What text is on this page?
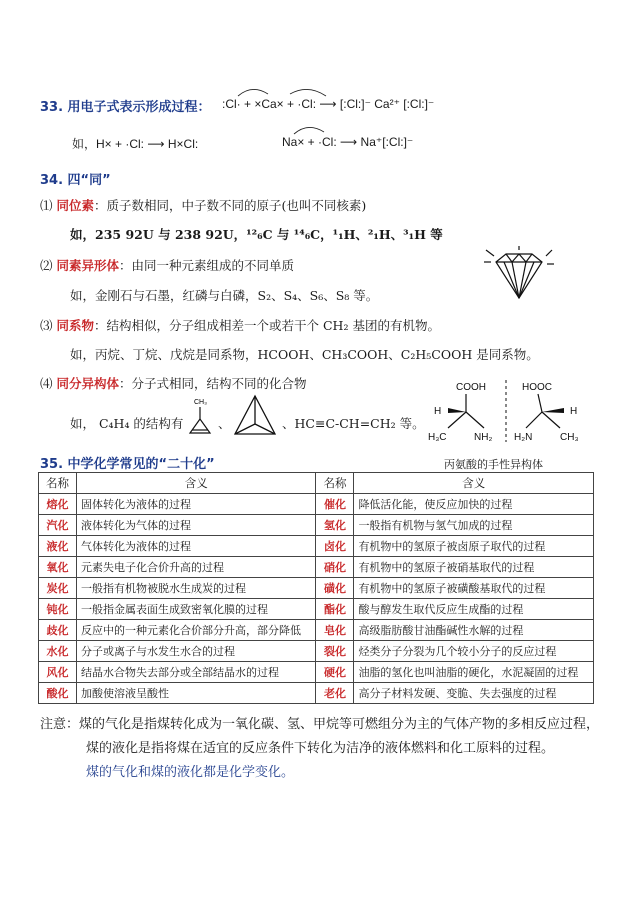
33. 用电子式表示形成过程： :Cl· + ×Ca× + ·Cl: ⟶ [:Cl:]⁻ Ca²⁺ [:Cl:]⁻
如，H× + ·Cl: ⟶ H×Cl:	Na× + ·Cl: ⟶ Na⁺[:Cl:]⁻
34. 四“同”
⑴ 同位素：质子数相同，中子数不同的原子(也叫不同核素)
如，235 92U 与 238 92U，¹²₆C 与 ¹⁴₆C，¹₁H、²₁H、³₁H 等
⑵ 同素异形体：由同一种元素组成的不同单质
如，金刚石与石墨，红磷与白磷，S₂、S₄、S₆、S₈ 等。
⑶ 同系物：结构相似，分子组成相差一个或若干个 CH₂ 基团的有机物。
如，丙烷、丁烷、戊烷是同系物，HCOOH、CH₃COOH、C₂H₅COOH 是同系物。
⑷ 同分异构体：分子式相同，结构不同的化合物
如， C₄H₄ 的结构有
CH₃
、	、HC≡C-CH=CH₂ 等。
COOH
H
H₃C	NH₂
HOOC
H
H₂N	CH₃
35. 中学化学常见的“二十化”	丙氨酸的手性异构体
名称	含义	名称	含义
熔化	固体转化为液体的过程	催化	降低活化能，使反应加快的过程
汽化	液体转化为气体的过程	氢化	一般指有机物与氢气加成的过程
液化	气体转化为液体的过程	卤化	有机物中的氢原子被卤原子取代的过程
氧化	元素失电子化合价升高的过程	硝化	有机物中的氢原子被硝基取代的过程
炭化	一般指有机物被脱水生成炭的过程	磺化	有机物中的氢原子被磺酸基取代的过程
钝化	一般指金属表面生成致密氧化膜的过程	酯化	酸与醇发生取代反应生成酯的过程
歧化	反应中的一种元素化合价部分升高，部分降低	皂化	高级脂肪酸甘油酯碱性水解的过程
水化	分子或离子与水发生水合的过程	裂化	烃类分子分裂为几个较小分子的反应过程
风化	结晶水合物失去部分或全部结晶水的过程	硬化	油脂的氢化也叫油脂的硬化，水泥凝固的过程
酸化	加酸使溶液呈酸性	老化	高分子材料发硬、变脆、失去强度的过程
注意：煤的气化是指煤转化成为一氧化碳、氢、甲烷等可燃组分为主的气体产物的多相反应过程，
煤的液化是指将煤在适宜的反应条件下转化为洁净的液体燃料和化工原料的过程。
煤的气化和煤的液化都是化学变化。
